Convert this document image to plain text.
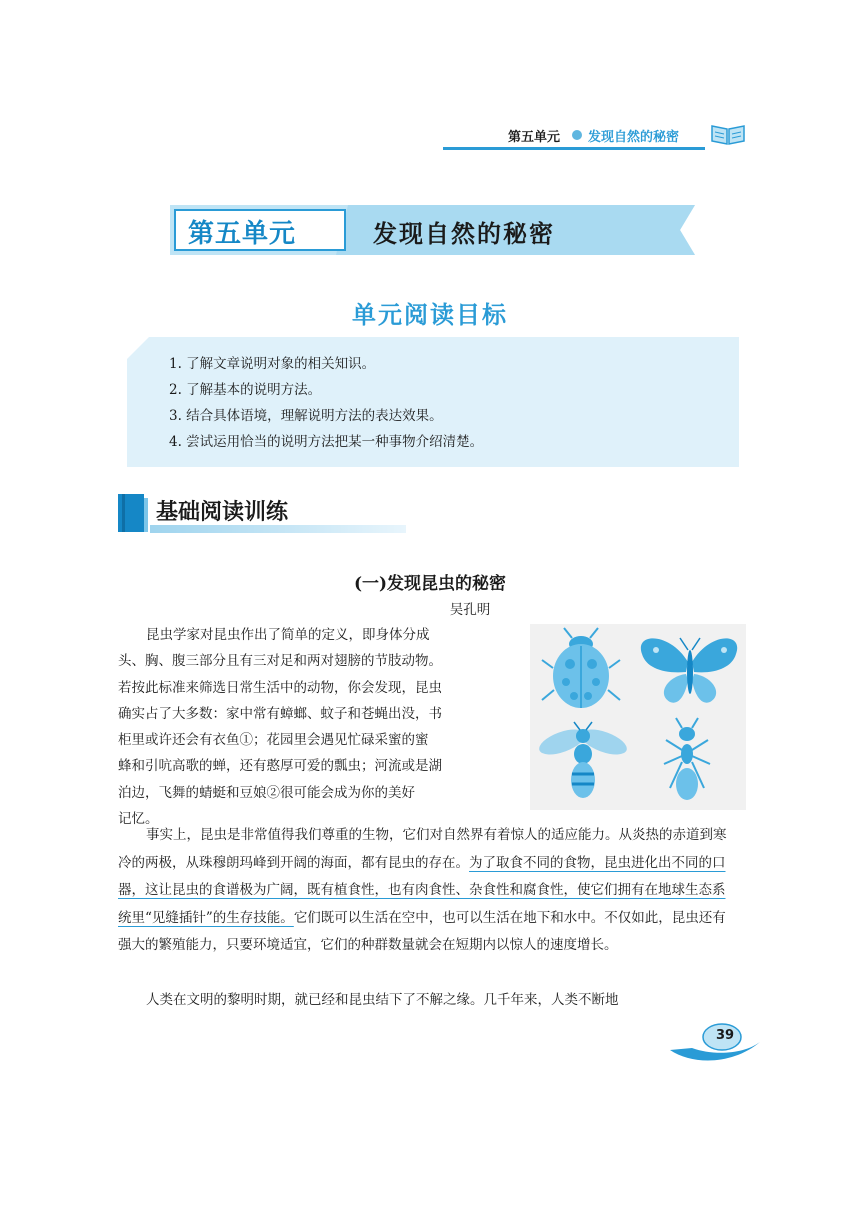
第五单元 发现自然的秘密
第五单元	发现自然的秘密
单元阅读目标
1. 了解文章说明对象的相关知识。
2. 了解基本的说明方法。
3. 结合具体语境，理解说明方法的表达效果。
4. 尝试运用恰当的说明方法把某一种事物介绍清楚。
基础阅读训练
(一)发现昆虫的秘密
吴孔明
昆虫学家对昆虫作出了简单的定义，即身体分成
头、胸、腹三部分且有三对足和两对翅膀的节肢动物。
若按此标准来筛选日常生活中的动物，你会发现，昆虫
确实占了大多数：家中常有蟑螂、蚊子和苍蝇出没，书
柜里或许还会有衣鱼①；花园里会遇见忙碌采蜜的蜜
蜂和引吭高歌的蝉，还有憨厚可爱的瓢虫；河流或是湖
泊边，飞舞的蜻蜓和豆娘②很可能会成为你的美好
记忆。
事实上，昆虫是非常值得我们尊重的生物，它们对自然界有着惊人的适应能力。从炎热的赤道到寒冷的两极，从珠穆朗玛峰到开阔的海面，都有昆虫的存在。为了取食不同的食物，昆虫进化出不同的口器，这让昆虫的食谱极为广阔，既有植食性，也有肉食性、杂食性和腐食性，使它们拥有在地球生态系统里“见缝插针”的生存技能。它们既可以生活在空中，也可以生活在地下和水中。不仅如此，昆虫还有强大的繁殖能力，只要环境适宜，它们的种群数量就会在短期内以惊人的速度增长。
人类在文明的黎明时期，就已经和昆虫结下了不解之缘。几千年来，人类不断地
39
